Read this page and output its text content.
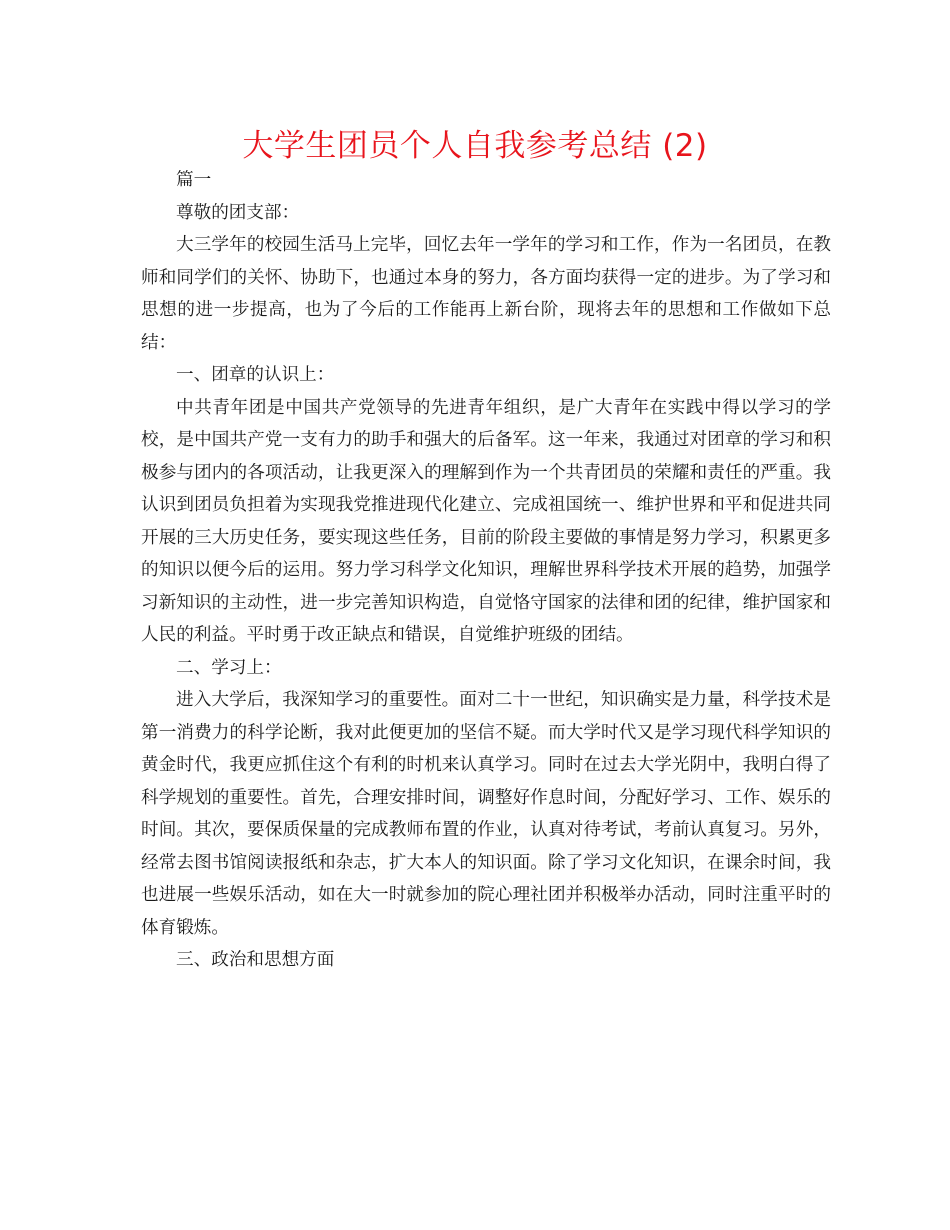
大学生团员个人自我参考总结 (2)

篇一

尊敬的团支部：

大三学年的校园生活马上完毕，回忆去年一学年的学习和工作，作为一名团员，在教师和同学们的关怀、协助下，也通过本身的努力，各方面均获得一定的进步。为了学习和思想的进一步提高，也为了今后的工作能再上新台阶，现将去年的思想和工作做如下总结：

一、团章的认识上：

中共青年团是中国共产党领导的先进青年组织，是广大青年在实践中得以学习的学校，是中国共产党一支有力的助手和强大的后备军。这一年来，我通过对团章的学习和积极参与团内的各项活动，让我更深入的理解到作为一个共青团员的荣耀和责任的严重。我认识到团员负担着为实现我党推进现代化建立、完成祖国统一、维护世界和平和促进共同开展的三大历史任务，要实现这些任务，目前的阶段主要做的事情是努力学习，积累更多的知识以便今后的运用。努力学习科学文化知识，理解世界科学技术开展的趋势，加强学习新知识的主动性，进一步完善知识构造，自觉恪守国家的法律和团的纪律，维护国家和人民的利益。平时勇于改正缺点和错误，自觉维护班级的团结。

二、学习上：

进入大学后，我深知学习的重要性。面对二十一世纪，知识确实是力量，科学技术是第一消费力的科学论断，我对此便更加的坚信不疑。而大学时代又是学习现代科学知识的黄金时代，我更应抓住这个有利的时机来认真学习。同时在过去大学光阴中，我明白得了科学规划的重要性。首先，合理安排时间，调整好作息时间，分配好学习、工作、娱乐的时间。其次，要保质保量的完成教师布置的作业，认真对待考试，考前认真复习。另外，经常去图书馆阅读报纸和杂志，扩大本人的知识面。除了学习文化知识，在课余时间，我也进展一些娱乐活动，如在大一时就参加的院心理社团并积极举办活动，同时注重平时的体育锻炼。

三、政治和思想方面
